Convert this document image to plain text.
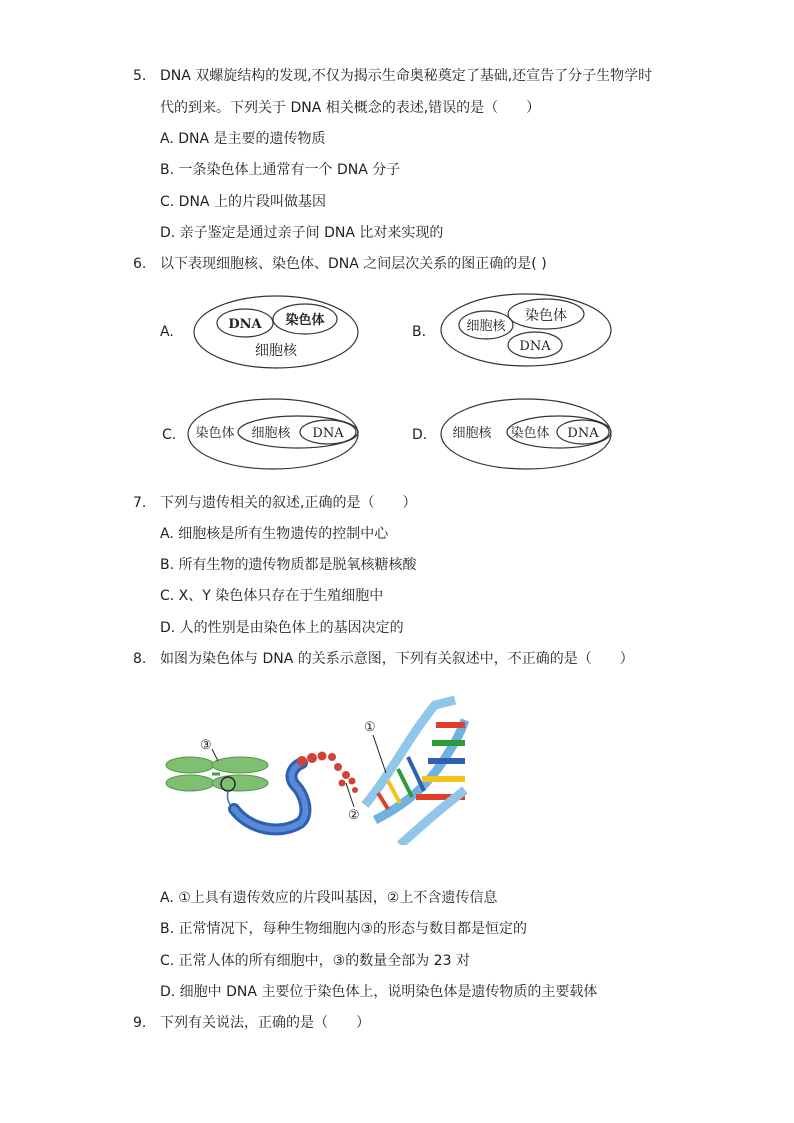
5. DNA 双螺旋结构的发现,不仅为揭示生命奥秘奠定了基础,还宣告了分子生物学时
代的到来。下列关于 DNA 相关概念的表述,错误的是（　　）
A. DNA 是主要的遗传物质
B. 一条染色体上通常有一个 DNA 分子
C. DNA 上的片段叫做基因
D. 亲子鉴定是通过亲子间 DNA 比对来实现的
6. 以下表现细胞核、染色体、DNA 之间层次关系的图正确的是( )
A.	DNA 染色体
细胞核
B.	细胞核
染色体
DNA
C. 染色体 细胞核 DNA	D. 细胞核 染色体 DNA
7. 下列与遗传相关的叙述,正确的是（　　）
A. 细胞核是所有生物遗传的控制中心
B. 所有生物的遗传物质都是脱氧核糖核酸
C. X、Y 染色体只存在于生殖细胞中
D. 人的性别是由染色体上的基因决定的
8. 如图为染色体与 DNA 的关系示意图，下列有关叙述中，不正确的是（　　）
③
①
②
A. ①上具有遗传效应的片段叫基因，②上不含遗传信息
B. 正常情况下，每种生物细胞内③的形态与数目都是恒定的
C. 正常人体的所有细胞中，③的数量全部为 23 对
D. 细胞中 DNA 主要位于染色体上，说明染色体是遗传物质的主要载体
9. 下列有关说法，正确的是（　　）
